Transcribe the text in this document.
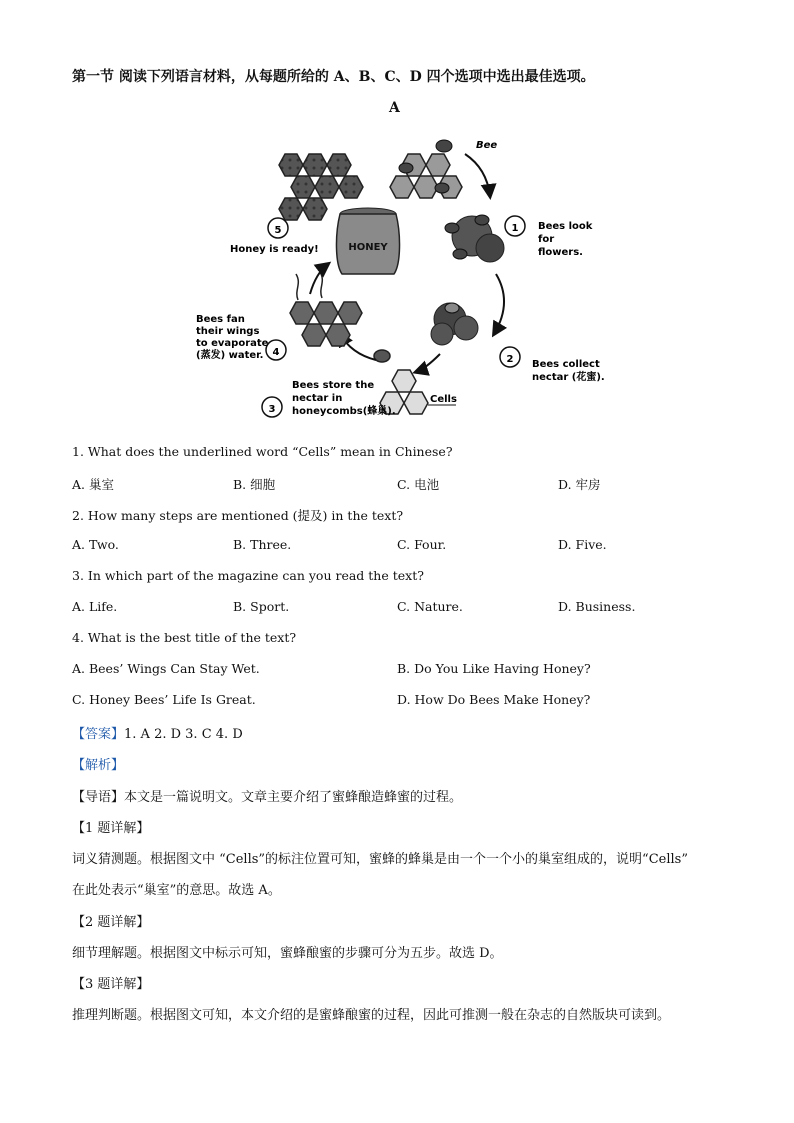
第一节 阅读下列语言材料，从每题所给的 A、B、C、D 四个选项中选出最佳选项。
A
HONEY
Bee
1 Bees look for flowers.
2 Bees collect nectar (花蜜).
Cells
3
Bees store the nectar in honeycombs(蜂巢).
4
Bees fan their wings to evaporate (蒸发) water.
5
Honey is ready!
1. What does the underlined word “Cells” mean in Chinese?
A. 巢室	B. 细胞	C. 电池	D. 牢房
2. How many steps are mentioned (提及) in the text?
A. Two.	B. Three.	C. Four.	D. Five.
3. In which part of the magazine can you read the text?
A. Life.	B. Sport.	C. Nature.	D. Business.
4. What is the best title of the text?
A. Bees’ Wings Can Stay Wet.	B. Do You Like Having Honey?
C. Honey Bees’ Life Is Great.	D. How Do Bees Make Honey?
【答案】1. A 2. D 3. C 4. D
【解析】
【导语】本文是一篇说明文。文章主要介绍了蜜蜂酿造蜂蜜的过程。
【1 题详解】
词义猜测题。根据图文中 “Cells”的标注位置可知，蜜蜂的蜂巢是由一个一个小的巢室组成的，说明“Cells”
在此处表示“巢室”的意思。故选 A。
【2 题详解】
细节理解题。根据图文中标示可知，蜜蜂酿蜜的步骤可分为五步。故选 D。
【3 题详解】
推理判断题。根据图文可知，本文介绍的是蜜蜂酿蜜的过程，因此可推测一般在杂志的自然版块可读到。
